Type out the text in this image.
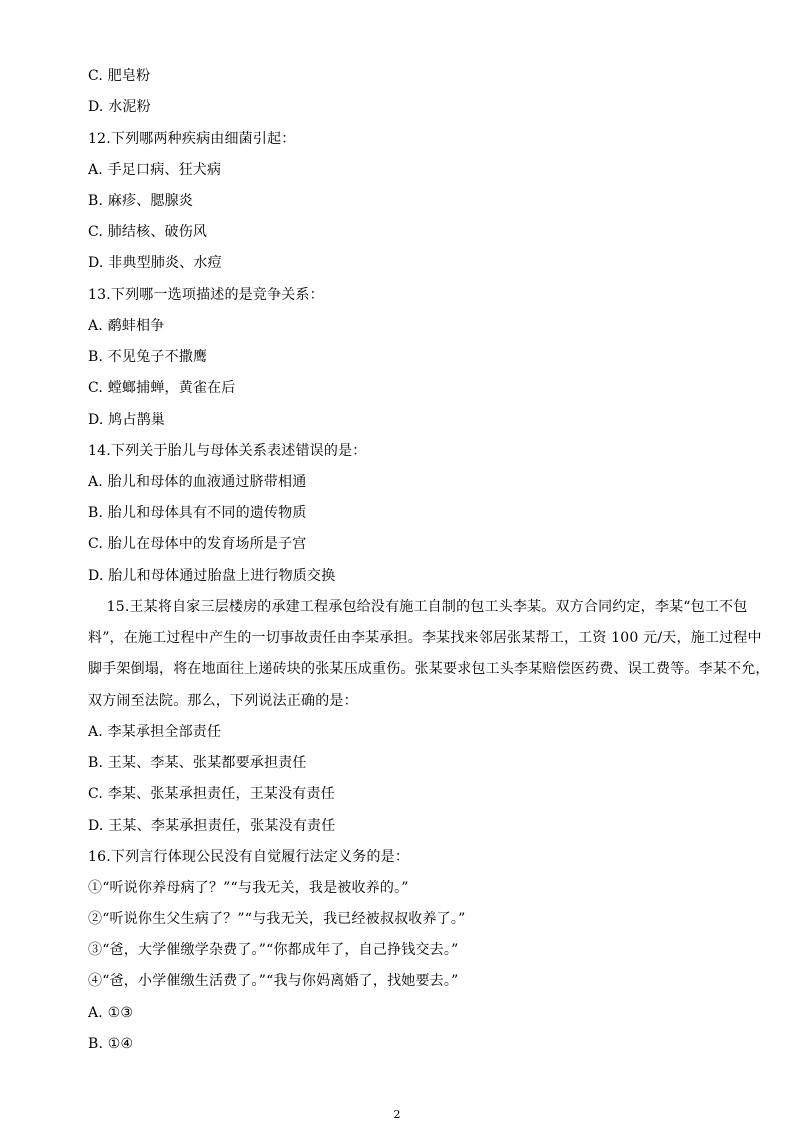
C. 肥皂粉
D. 水泥粉
12.下列哪两种疾病由细菌引起：
A. 手足口病、狂犬病
B. 麻疹、腮腺炎
C. 肺结核、破伤风
D. 非典型肺炎、水痘
13.下列哪一选项描述的是竞争关系：
A. 鹬蚌相争
B. 不见兔子不撒鹰
C. 螳螂捕蝉，黄雀在后
D. 鸠占鹊巢
14.下列关于胎儿与母体关系表述错误的是：
A. 胎儿和母体的血液通过脐带相通
B. 胎儿和母体具有不同的遗传物质
C. 胎儿在母体中的发育场所是子宫
D. 胎儿和母体通过胎盘上进行物质交换
15.王某将自家三层楼房的承建工程承包给没有施工自制的包工头李某。双方合同约定，李某“包工不包
料”，在施工过程中产生的一切事故责任由李某承担。李某找来邻居张某帮工，工资 100 元/天，施工过程中
脚手架倒塌，将在地面往上递砖块的张某压成重伤。张某要求包工头李某赔偿医药费、误工费等。李某不允，
双方闹至法院。那么，下列说法正确的是：
A. 李某承担全部责任
B. 王某、李某、张某都要承担责任
C. 李某、张某承担责任，王某没有责任
D. 王某、李某承担责任，张某没有责任
16.下列言行体现公民没有自觉履行法定义务的是：
①“听说你养母病了？”“与我无关，我是被收养的。”
②“听说你生父生病了？”“与我无关，我已经被叔叔收养了。”
③“爸，大学催缴学杂费了。”“你都成年了，自己挣钱交去。”
④“爸，小学催缴生活费了。”“我与你妈离婚了，找她要去。”
A. ①③
B. ①④
2
